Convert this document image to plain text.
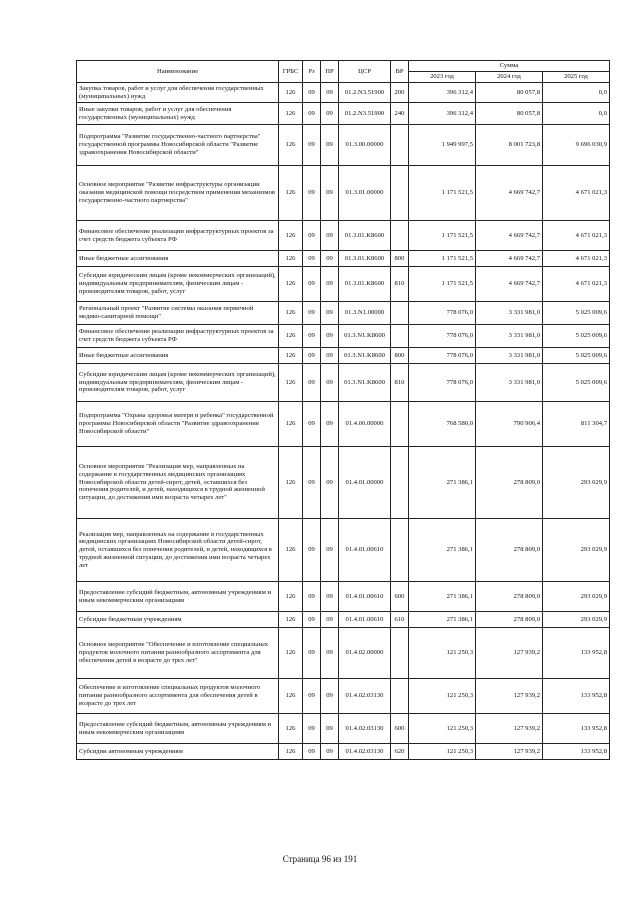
Наименование	ГРБС	Рз	ПР	ЦСР	ВР	Сумма		
						2023 год	2024 год	2025 год
Закупка товаров, работ и услуг для обеспечения государственных (муниципальных) нужд	126	09	09	01.2.N3.51900	200	396 312,4	80 057,8	0,0
Иные закупки товаров, работ и услуг для обеспечения государственных (муниципальных) нужд	126	09	09	01.2.N3.51900	240	396 312,4	80 057,8	0,0
Подпрограмма "Развитие государственно-частного партнерства" государственной программы Новосибирской области "Развитие здравоохранения Новосибирской области"	126	09	09	01.3.00.00000		1 949 997,5	8 001 723,8	9 696 030,9
Основное мероприятие "Развитие инфраструктуры организации оказания медицинской помощи посредством применения механизмов государственно-частного партнерства"	126	09	09	01.3.01.00000		1 171 521,5	4 669 742,7	4 671 021,3
Финансовое обеспечение реализации инфраструктурных проектов за счет средств бюджета субъекта РФ	126	09	09	01.3.01.K8600		1 171 521,5	4 669 742,7	4 671 021,3
Иные бюджетные ассигнования	126	09	09	01.3.01.K8600	800	1 171 521,5	4 669 742,7	4 671 021,3
Субсидии юридическим лицам (кроме некоммерческих организаций), индивидуальным предпринимателям, физическим лицам - производителям товаров, работ, услуг	126	09	09	01.3.01.K8600	810	1 171 521,5	4 669 742,7	4 671 021,3
Региональный проект "Развитие системы оказания первичной медико-санитарной помощи"	126	09	09	01.3.N1.00000		778 076,0	3 331 981,0	5 025 009,6
Финансовое обеспечение реализации инфраструктурных проектов за счет средств бюджета субъекта РФ	126	09	09	01.3.N1.K8600		778 076,0	3 331 981,0	5 025 009,6
Иные бюджетные ассигнования	126	09	09	01.3.N1.K8600	800	778 076,0	3 331 981,0	5 025 009,6
Субсидии юридическим лицам (кроме некоммерческих организаций), индивидуальным предпринимателям, физическим лицам - производителям товаров, работ, услуг	126	09	09	01.3.N1.K8600	810	778 076,0	3 331 981,0	5 025 009,6
Подпрограмма "Охрана здоровья матери и ребенка" государственной программы Новосибирской области "Развитие здравоохранения Новосибирской области"	126	09	09	01.4.00.00000		768 580,0	790 906,4	811 304,7
Основное мероприятие "Реализация мер, направленных на содержание в государственных медицинских организациях Новосибирской области детей-сирот, детей, оставшихся без попечения родителей, и детей, находящихся в трудной жизненной ситуации, до достижения ими возраста четырех лет"	126	09	09	01.4.01.00000		271 386,1	278 809,0	293 029,9
Реализация мер, направленных на содержание в государственных медицинских организациях Новосибирской области детей-сирот, детей, оставшихся без попечения родителей, и детей, находящихся в трудной жизненной ситуации, до достижения ими возраста четырех лет	126	09	09	01.4.01.00610		271 386,1	278 809,0	293 029,9
Предоставление субсидий бюджетным, автономным учреждениям и иным некоммерческим организациям	126	09	09	01.4.01.00610	600	271 386,1	278 809,0	293 029,9
Субсидии бюджетным учреждениям	126	09	09	01.4.01.00610	610	271 386,1	278 809,0	293 029,9
Основное мероприятие "Обеспечение и изготовление специальных продуктов молочного питания разнообразного ассортимента для обеспечения детей в возрасте до трех лет"	126	09	09	01.4.02.00000		121 250,3	127 939,2	133 952,8
Обеспечение и изготовление специальных продуктов молочного питания разнообразного ассортимента для обеспечения детей в возрасте до трех лет	126	09	09	01.4.02.03130		121 250,3	127 939,2	133 952,8
Предоставление субсидий бюджетным, автономным учреждениям и иным некоммерческим организациям	126	09	09	01.4.02.03130	600	121 250,3	127 939,2	133 952,8
Субсидии автономным учреждениям	126	09	09	01.4.02.03130	620	121 250,3	127 939,2	133 952,8
Страница 96 из 191
